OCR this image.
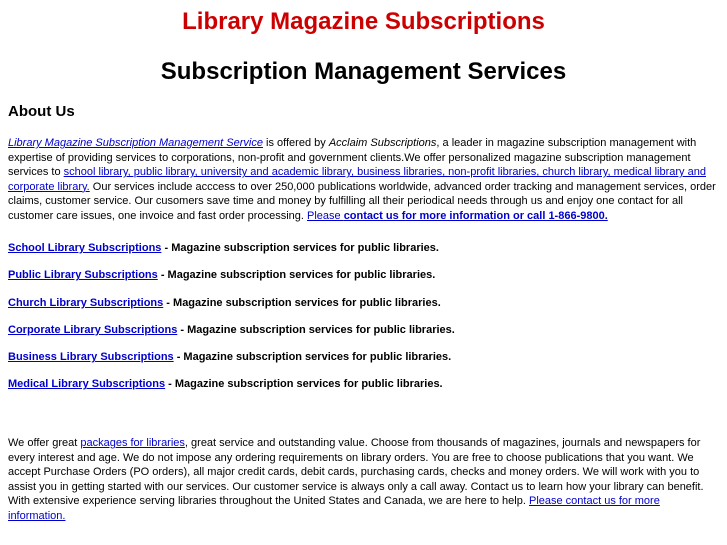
Library Magazine Subscriptions
Subscription Management Services
About Us

Library Magazine Subscription Management Service is offered by Acclaim Subscriptions, a leader in magazine subscription management with expertise of providing services to corporations, non-profit and government clients.We offer personalized magazine subscription management services to school library, public library, university and academic library, business libraries, non-profit libraries, church library, medical library and corporate library. Our services include acccess to over 250,000 publications worldwide, advanced order tracking and management services, order claims, customer service. Our cusomers save time and money by fulfilling all their periodical needs through us and enjoy one contact for all customer care issues, one invoice and fast order processing. Please contact us for more information or call 1-866-9800.

School Library Subscriptions - Magazine subscription services for public libraries.
Public Library Subscriptions - Magazine subscription services for public libraries.
Church Library Subscriptions - Magazine subscription services for public libraries.
Corporate Library Subscriptions - Magazine subscription services for public libraries.
Business Library Subscriptions - Magazine subscription services for public libraries.
Medical Library Subscriptions - Magazine subscription services for public libraries.

We offer great packages for libraries, great service and outstanding value. Choose from thousands of magazines, journals and newspapers for every interest and age. We do not impose any ordering requirements on library orders. You are free to choose publications that you want. We accept Purchase Orders (PO orders), all major credit cards, debit cards, purchasing cards, checks and money orders. We will work with you to assist you in getting started with our services. Our customer service is always only a call away. Contact us to learn how your library can benefit. With extensive experience serving libraries throughout the United States and Canada, we are here to help. Please contact us for more information.
